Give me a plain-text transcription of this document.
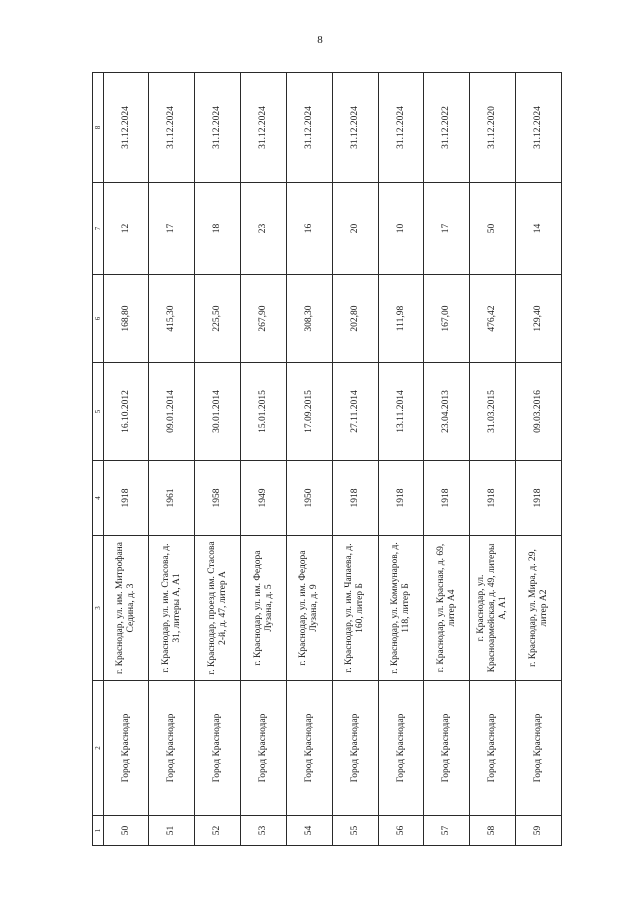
8
1	2	3	4	5	6	7	8
50	Город Краснодар	г. Краснодар, ул. им. Митрофана Седина, д. 3	1918	16.10.2012	168,80	12	31.12.2024
51	Город Краснодар	г. Краснодар, ул. им. Стасова, д. 31, литеры А, А1	1961	09.01.2014	415,30	17	31.12.2024
52	Город Краснодар	г. Краснодар, проезд им. Стасова 2-й, д. 47, литер А	1958	30.01.2014	225,50	18	31.12.2024
53	Город Краснодар	г. Краснодар, ул. им. Федора Лузана, д. 5	1949	15.01.2015	267,90	23	31.12.2024
54	Город Краснодар	г. Краснодар, ул. им. Федора Лузана, д. 9	1950	17.09.2015	308,30	16	31.12.2024
55	Город Краснодар	г. Краснодар, ул. им. Чапаева, д. 160, литер Б	1918	27.11.2014	202,80	20	31.12.2024
56	Город Краснодар	г. Краснодар, ул. Коммунаров, д. 118, литер Б	1918	13.11.2014	111,98	10	31.12.2024
57	Город Краснодар	г. Краснодар, ул. Красная, д. 69, литер А4	1918	23.04.2013	167,00	17	31.12.2022
58	Город Краснодар	г. Краснодар, ул. Красноармейская, д. 49, литеры А, А1	1918	31.03.2015	476,42	50	31.12.2020
59	Город Краснодар	г. Краснодар, ул. Мира, д. 29, литер А2	1918	09.03.2016	129,40	14	31.12.2024
